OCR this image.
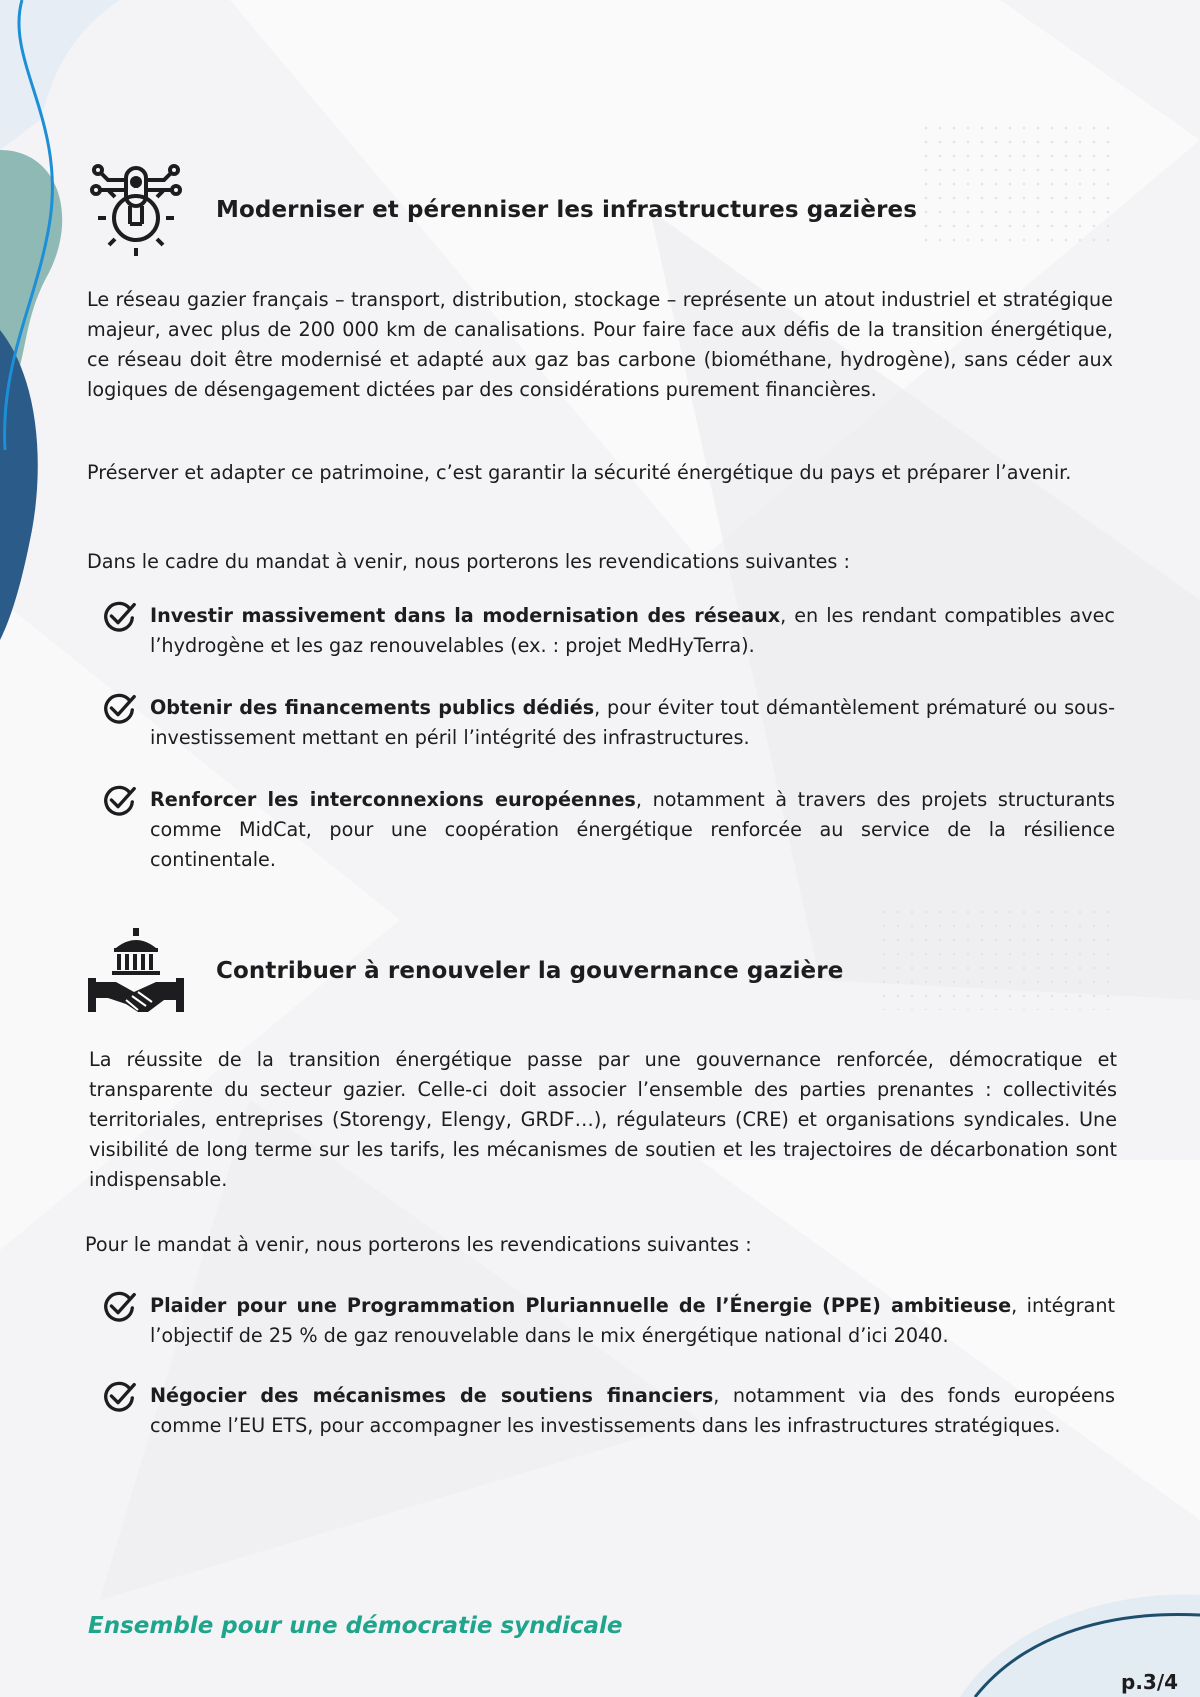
Moderniser et pérenniser les infrastructures gazières

Le réseau gazier français – transport, distribution, stockage – représente un atout industriel et stratégique majeur, avec plus de 200 000 km de canalisations. Pour faire face aux défis de la transition énergétique, ce réseau doit être modernisé et adapté aux gaz bas carbone (biométhane, hydrogène), sans céder aux logiques de désengagement dictées par des considérations purement financières.

Préserver et adapter ce patrimoine, c’est garantir la sécurité énergétique du pays et préparer l’avenir.

Dans le cadre du mandat à venir, nous porterons les revendications suivantes :

Investir massivement dans la modernisation des réseaux, en les rendant compatibles avec l’hydrogène et les gaz renouvelables (ex. : projet MedHyTerra).

Obtenir des financements publics dédiés, pour éviter tout démantèlement prématuré ou sous-investissement mettant en péril l’intégrité des infrastructures.

Renforcer les interconnexions européennes, notamment à travers des projets structurants comme MidCat, pour une coopération énergétique renforcée au service de la résilience continentale.

Contribuer à renouveler la gouvernance gazière

La réussite de la transition énergétique passe par une gouvernance renforcée, démocratique et transparente du secteur gazier. Celle-ci doit associer l’ensemble des parties prenantes : collectivités territoriales, entreprises (Storengy, Elengy, GRDF…), régulateurs (CRE) et organisations syndicales. Une visibilité de long terme sur les tarifs, les mécanismes de soutien et les trajectoires de décarbonation sont indispensable.

Pour le mandat à venir, nous porterons les revendications suivantes :

Plaider pour une Programmation Pluriannuelle de l’Énergie (PPE) ambitieuse, intégrant l’objectif de 25 % de gaz renouvelable dans le mix énergétique national d’ici 2040.

Négocier des mécanismes de soutiens financiers, notamment via des fonds européens comme l’EU ETS, pour accompagner les investissements dans les infrastructures stratégiques.

Ensemble pour une démocratie syndicale

p.3/4
